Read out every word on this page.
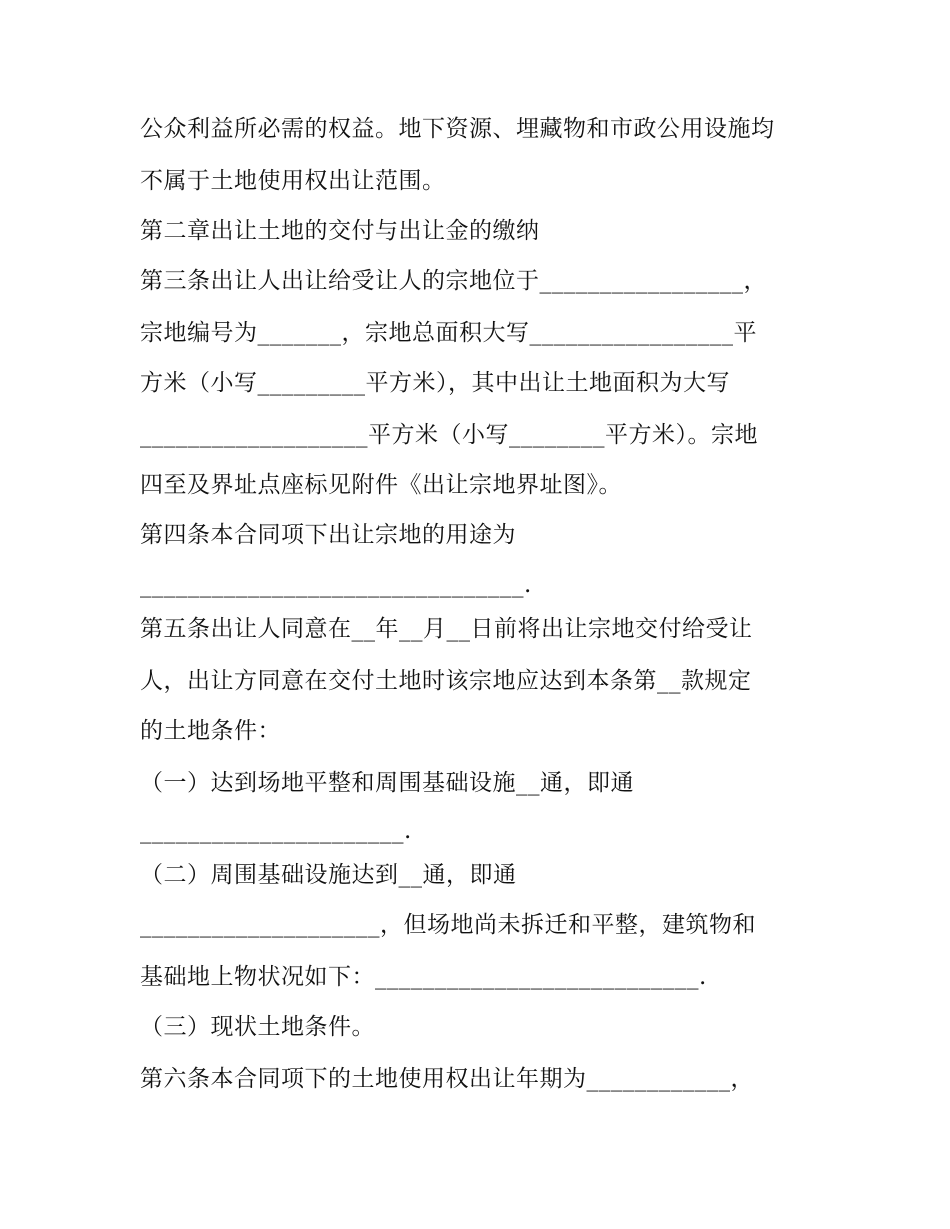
公众利益所必需的权益。地下资源、埋藏物和市政公用设施均
不属于土地使用权出让范围。
第二章出让土地的交付与出让金的缴纳
第三条出让人出让给受让人的宗地位于_________________，
宗地编号为_______，宗地总面积大写_________________平
方米（小写_________平方米），其中出让土地面积为大写
___________________平方米（小写________平方米）。宗地
四至及界址点座标见附件《出让宗地界址图》。
第四条本合同项下出让宗地的用途为
________________________________.
第五条出让人同意在__年__月__日前将出让宗地交付给受让
人，出让方同意在交付土地时该宗地应达到本条第__款规定
的土地条件：
（一）达到场地平整和周围基础设施__通，即通
______________________.
（二）周围基础设施达到__通，即通
____________________，但场地尚未拆迁和平整，建筑物和
基础地上物状况如下：___________________________.
（三）现状土地条件。
第六条本合同项下的土地使用权出让年期为____________，
